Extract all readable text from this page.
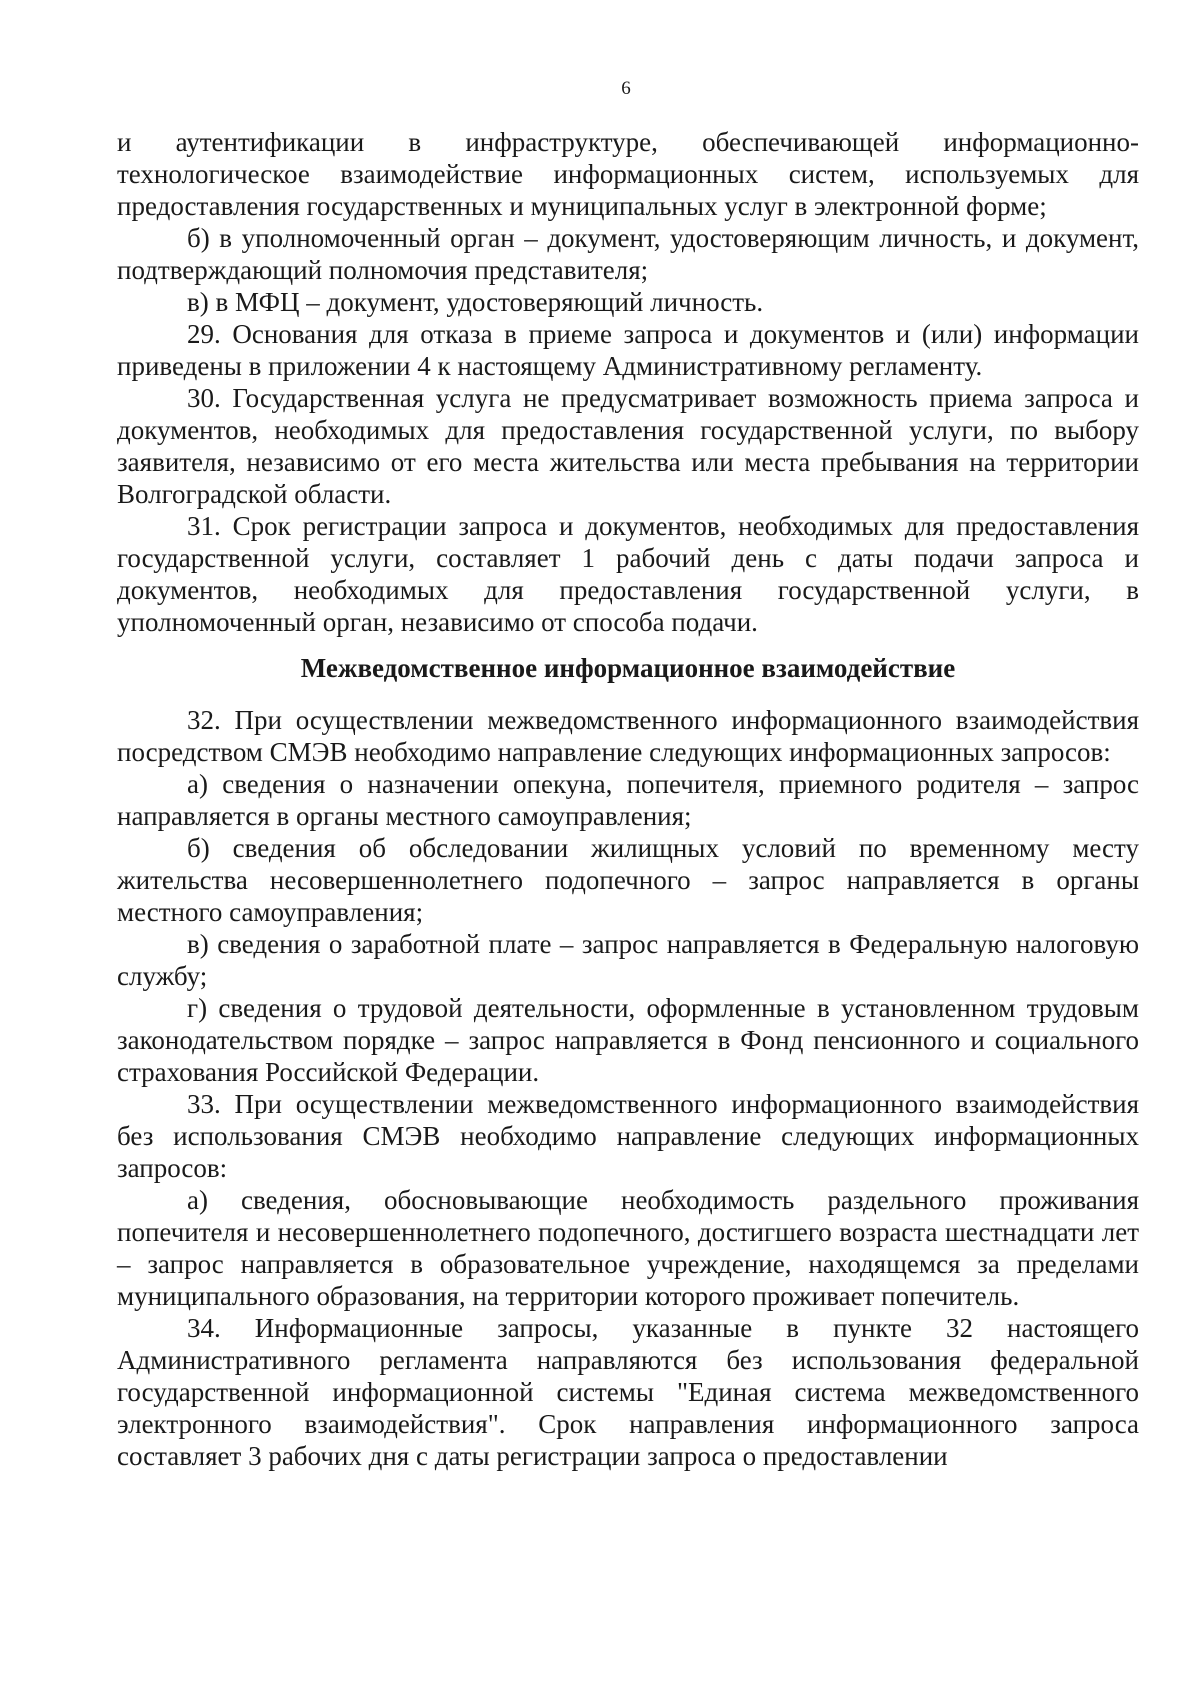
6

и аутентификации в инфраструктуре, обеспечивающей информационно-технологическое взаимодействие информационных систем, используемых для предоставления государственных и муниципальных услуг в электронной форме;

б) в уполномоченный орган – документ, удостоверяющим личность, и документ, подтверждающий полномочия представителя;

в) в МФЦ – документ, удостоверяющий личность.

29. Основания для отказа в приеме запроса и документов и (или) информации приведены в приложении 4 к настоящему Административному регламенту.

30. Государственная услуга не предусматривает возможность приема запроса и документов, необходимых для предоставления государственной услуги, по выбору заявителя, независимо от его места жительства или места пребывания на территории Волгоградской области.

31. Срок регистрации запроса и документов, необходимых для предоставления государственной услуги, составляет 1 рабочий день с даты подачи запроса и документов, необходимых для предоставления государственной услуги, в уполномоченный орган, независимо от способа подачи.

Межведомственное информационное взаимодействие

32. При осуществлении межведомственного информационного взаимодействия посредством СМЭВ необходимо направление следующих информационных запросов:

а) сведения о назначении опекуна, попечителя, приемного родителя – запрос направляется в органы местного самоуправления;

б) сведения об обследовании жилищных условий по временному месту жительства несовершеннолетнего подопечного – запрос направляется в органы местного самоуправления;

в) сведения о заработной плате – запрос направляется в Федеральную налоговую службу;

г) сведения о трудовой деятельности, оформленные в установленном трудовым законодательством порядке – запрос направляется в Фонд пенсионного и социального страхования Российской Федерации.

33. При осуществлении межведомственного информационного взаимодействия без использования СМЭВ необходимо направление следующих информационных запросов:

а) сведения, обосновывающие необходимость раздельного проживания попечителя и несовершеннолетнего подопечного, достигшего возраста шестнадцати лет – запрос направляется в образовательное учреждение, находящемся за пределами муниципального образования, на территории которого проживает попечитель.

34. Информационные запросы, указанные в пункте 32 настоящего Административного регламента направляются без использования федеральной государственной информационной системы "Единая система межведомственного электронного взаимодействия". Срок направления информационного запроса составляет 3 рабочих дня с даты регистрации запроса о предоставлении
